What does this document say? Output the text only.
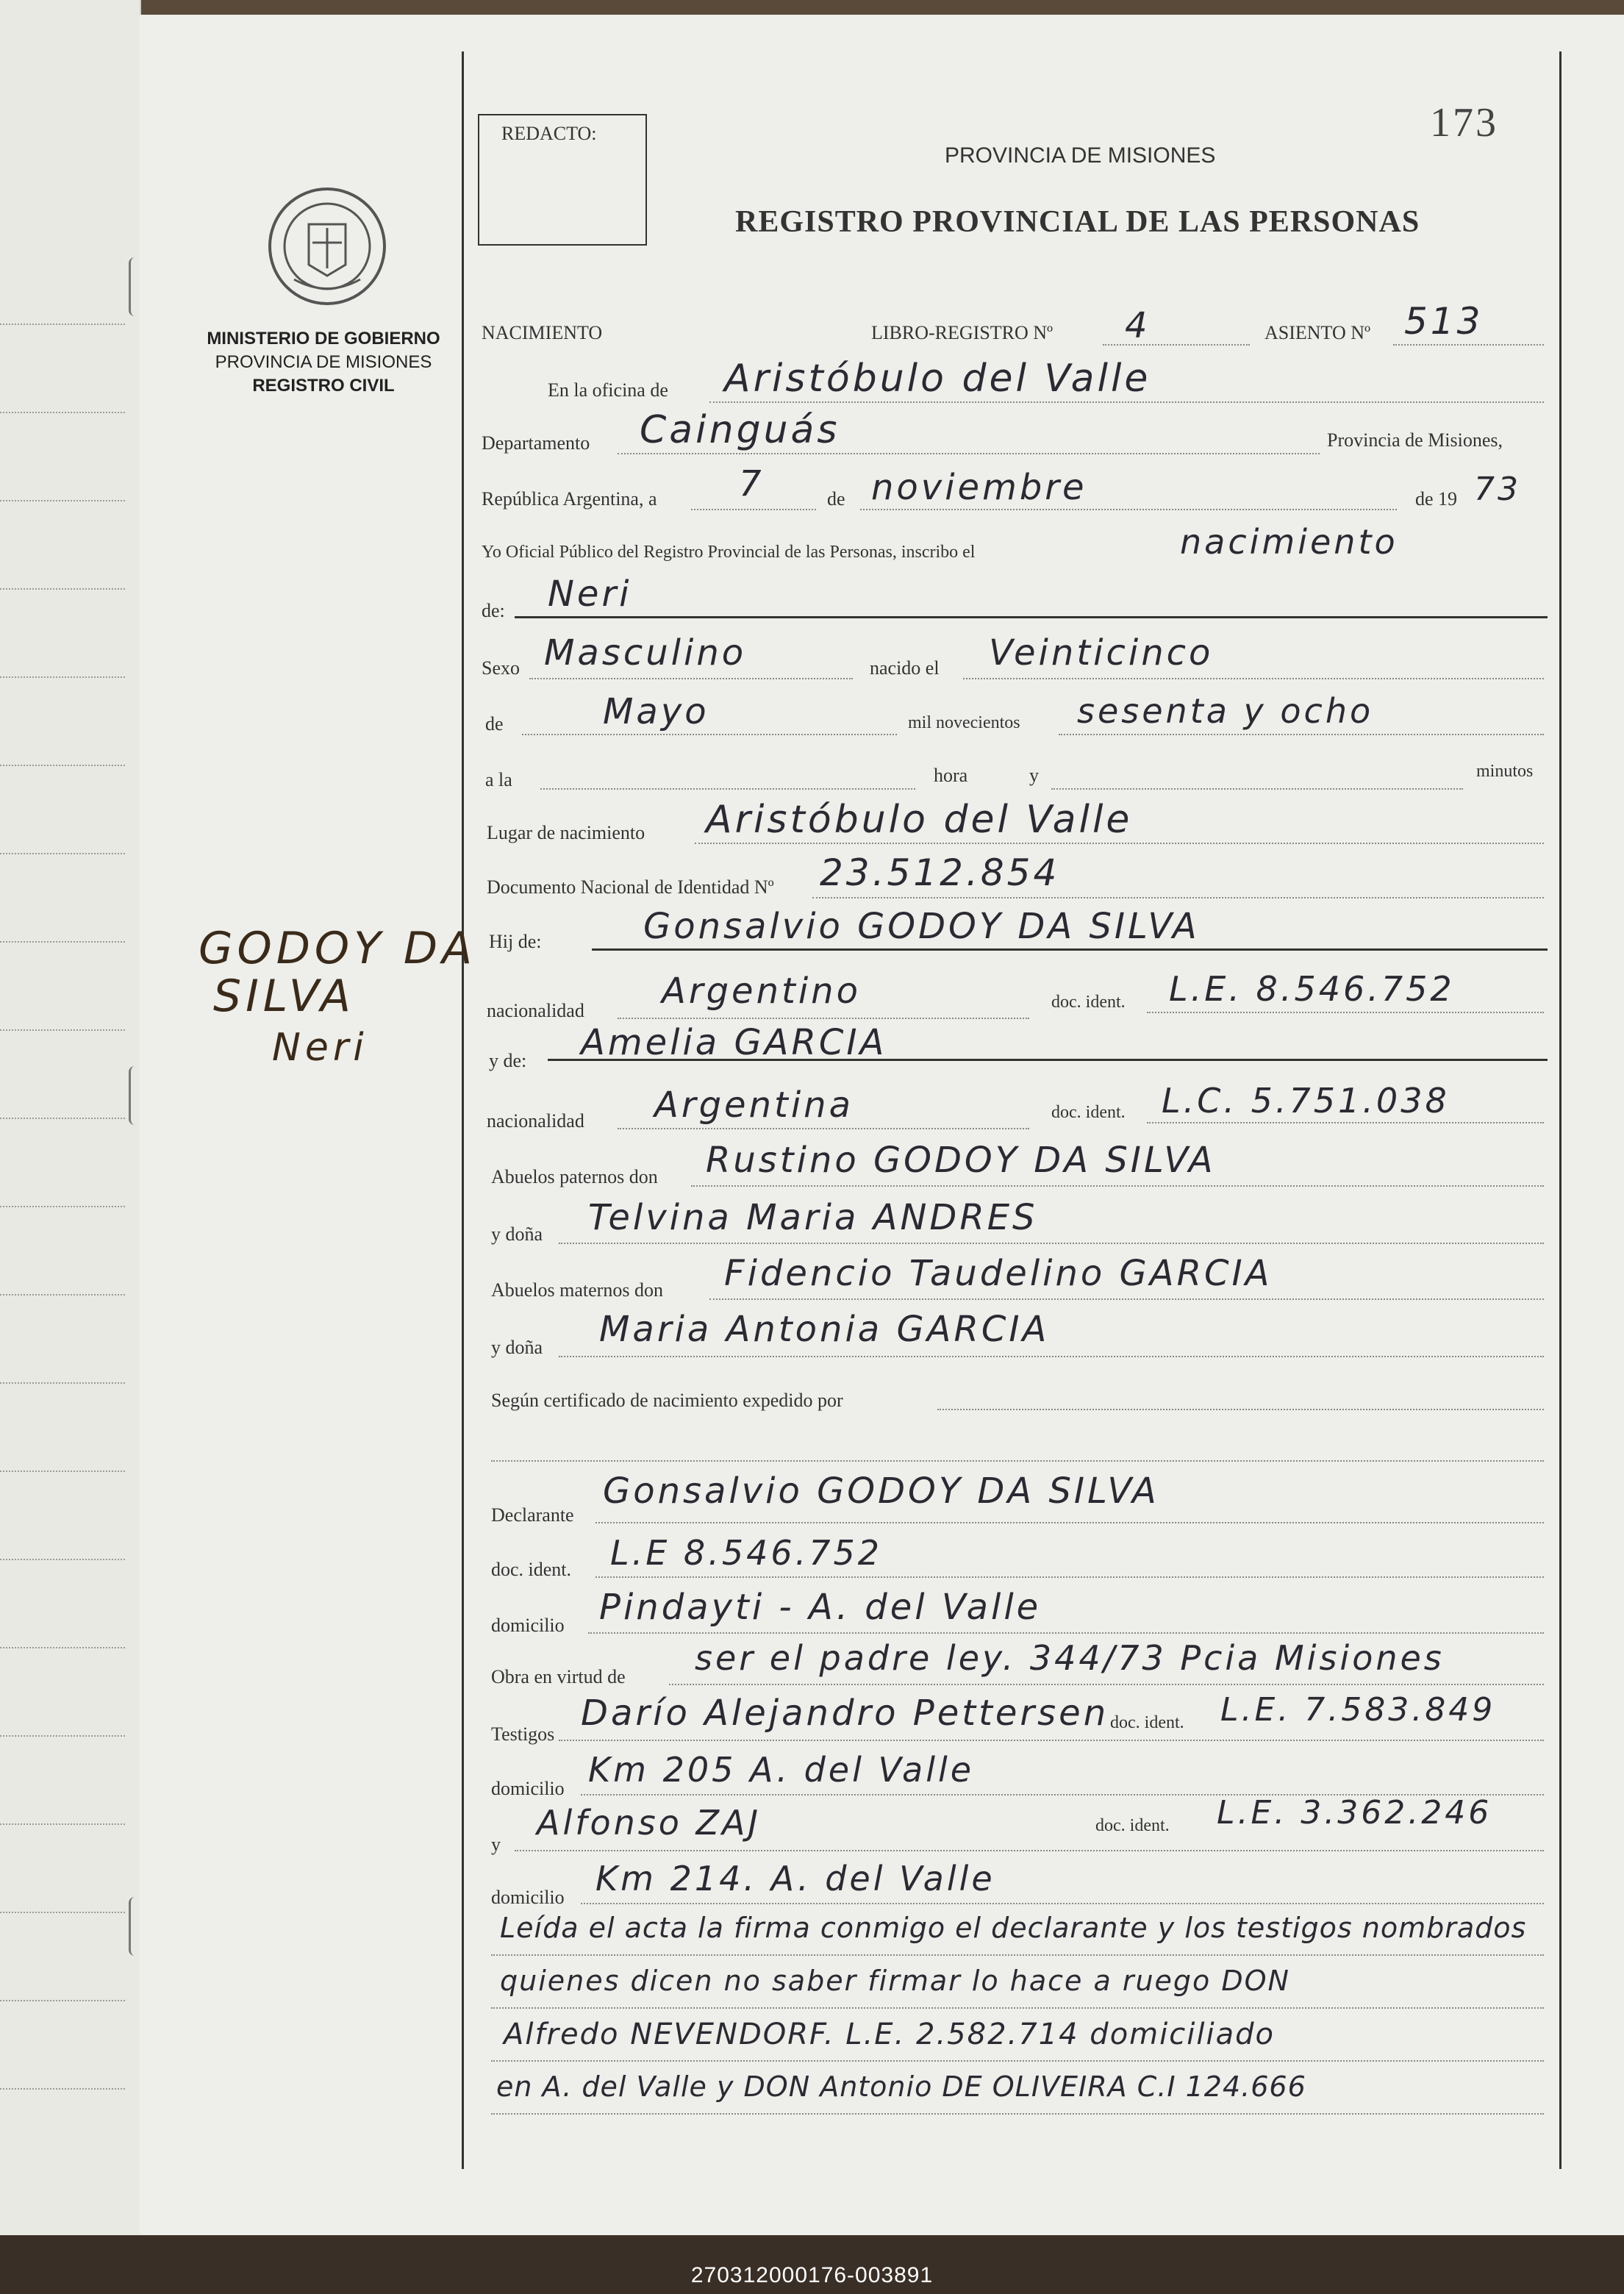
REDACTO:	173
PROVINCIA DE MISIONES
REGISTRO PROVINCIAL DE LAS PERSONAS
MINISTERIO DE GOBIERNO
PROVINCIA DE MISIONES
REGISTRO CIVIL
GODOY DA
SILVA
Neri
NACIMIENTO	LIBRO-REGISTRO Nº 4	ASIENTO Nº 513
En la oficina de Aristóbulo del Valle
Departamento Cainguás	Provincia de Misiones,
República Argentina, a 7	de noviembre	de 19 73
Yo Oficial Público del Registro Provincial de las Personas, inscribo el	nacimiento
de: Neri
Sexo Masculino	nacido el Veinticinco
de	Mayo	mil novecientos sesenta y ocho
a la	hora	y	minutos
Lugar de nacimiento Aristóbulo del Valle
Documento Nacional de Identidad Nº 23.512.854
Hij de:	Gonsalvio GODOY DA SILVA
nacionalidad Argentino	doc. ident. L.E. 8.546.752
y de: Amelia GARCIA
nacionalidad Argentina	doc. ident. L.C. 5.751.038
Abuelos paternos don Rustino GODOY DA SILVA
y doña Telvina Maria ANDRES
Abuelos maternos don Fidencio Taudelino GARCIA
y doña Maria Antonia GARCIA
Según certificado de nacimiento expedido por
Declarante
Gonsalvio GODOY DA SILVA
doc. ident. L.E 8.546.752
domicilio Pindayti - A. del Valle
Obra en virtud de ser el padre ley. 344/73 Pcia Misiones
Testigos
Darío Alejandro Pettersen doc. ident. L.E. 7.583.849
domicilio Km 205 A. del Valle
y
Alfonso ZAJ	doc. ident. L.E. 3.362.246
domicilio Km 214. A. del Valle
Leída el acta la firma conmigo el declarante y los testigos nombrados
quienes dicen no saber firmar lo hace a ruego DON
Alfredo NEVENDORF. L.E. 2.582.714 domiciliado
en A. del Valle y DON Antonio DE OLIVEIRA C.I 124.666
270312000176-003891
